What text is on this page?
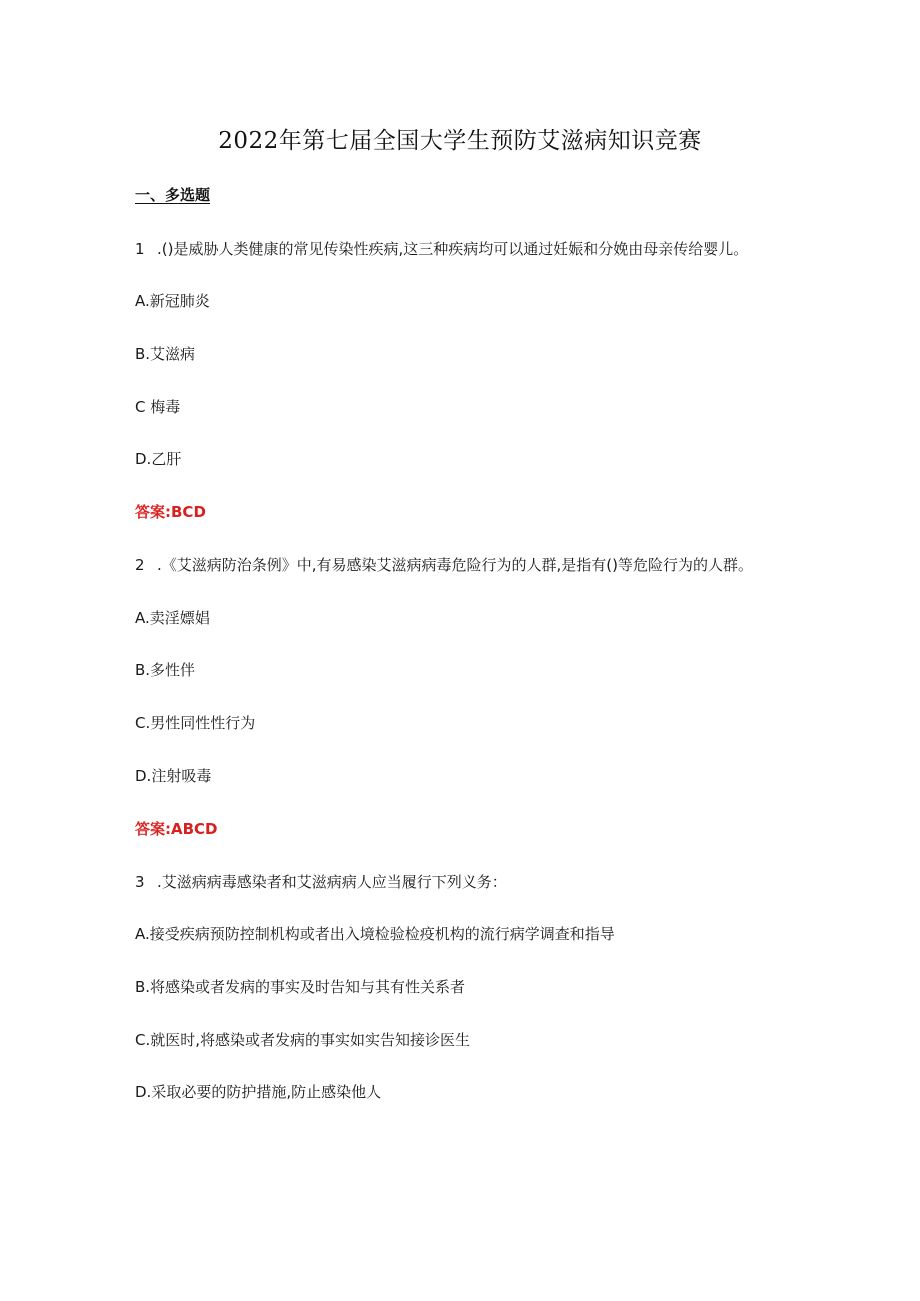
2022年第七届全国大学生预防艾滋病知识竞赛
一、多选题
1 .()是威胁人类健康的常见传染性疾病,这三种疾病均可以通过妊娠和分娩由母亲传给婴儿。
A.新冠肺炎
B.艾滋病
C 梅毒
D.乙肝
答案:BCD
2 .《艾滋病防治条例》中,有易感染艾滋病病毒危险行为的人群,是指有()等危险行为的人群。
A.卖淫嫖娼
B.多性伴
C.男性同性性行为
D.注射吸毒
答案:ABCD
3 .艾滋病病毒感染者和艾滋病病人应当履行下列义务：
A.接受疾病预防控制机构或者出入境检验检疫机构的流行病学调查和指导
B.将感染或者发病的事实及时告知与其有性关系者
C.就医时,将感染或者发病的事实如实告知接诊医生
D.采取必要的防护措施,防止感染他人
